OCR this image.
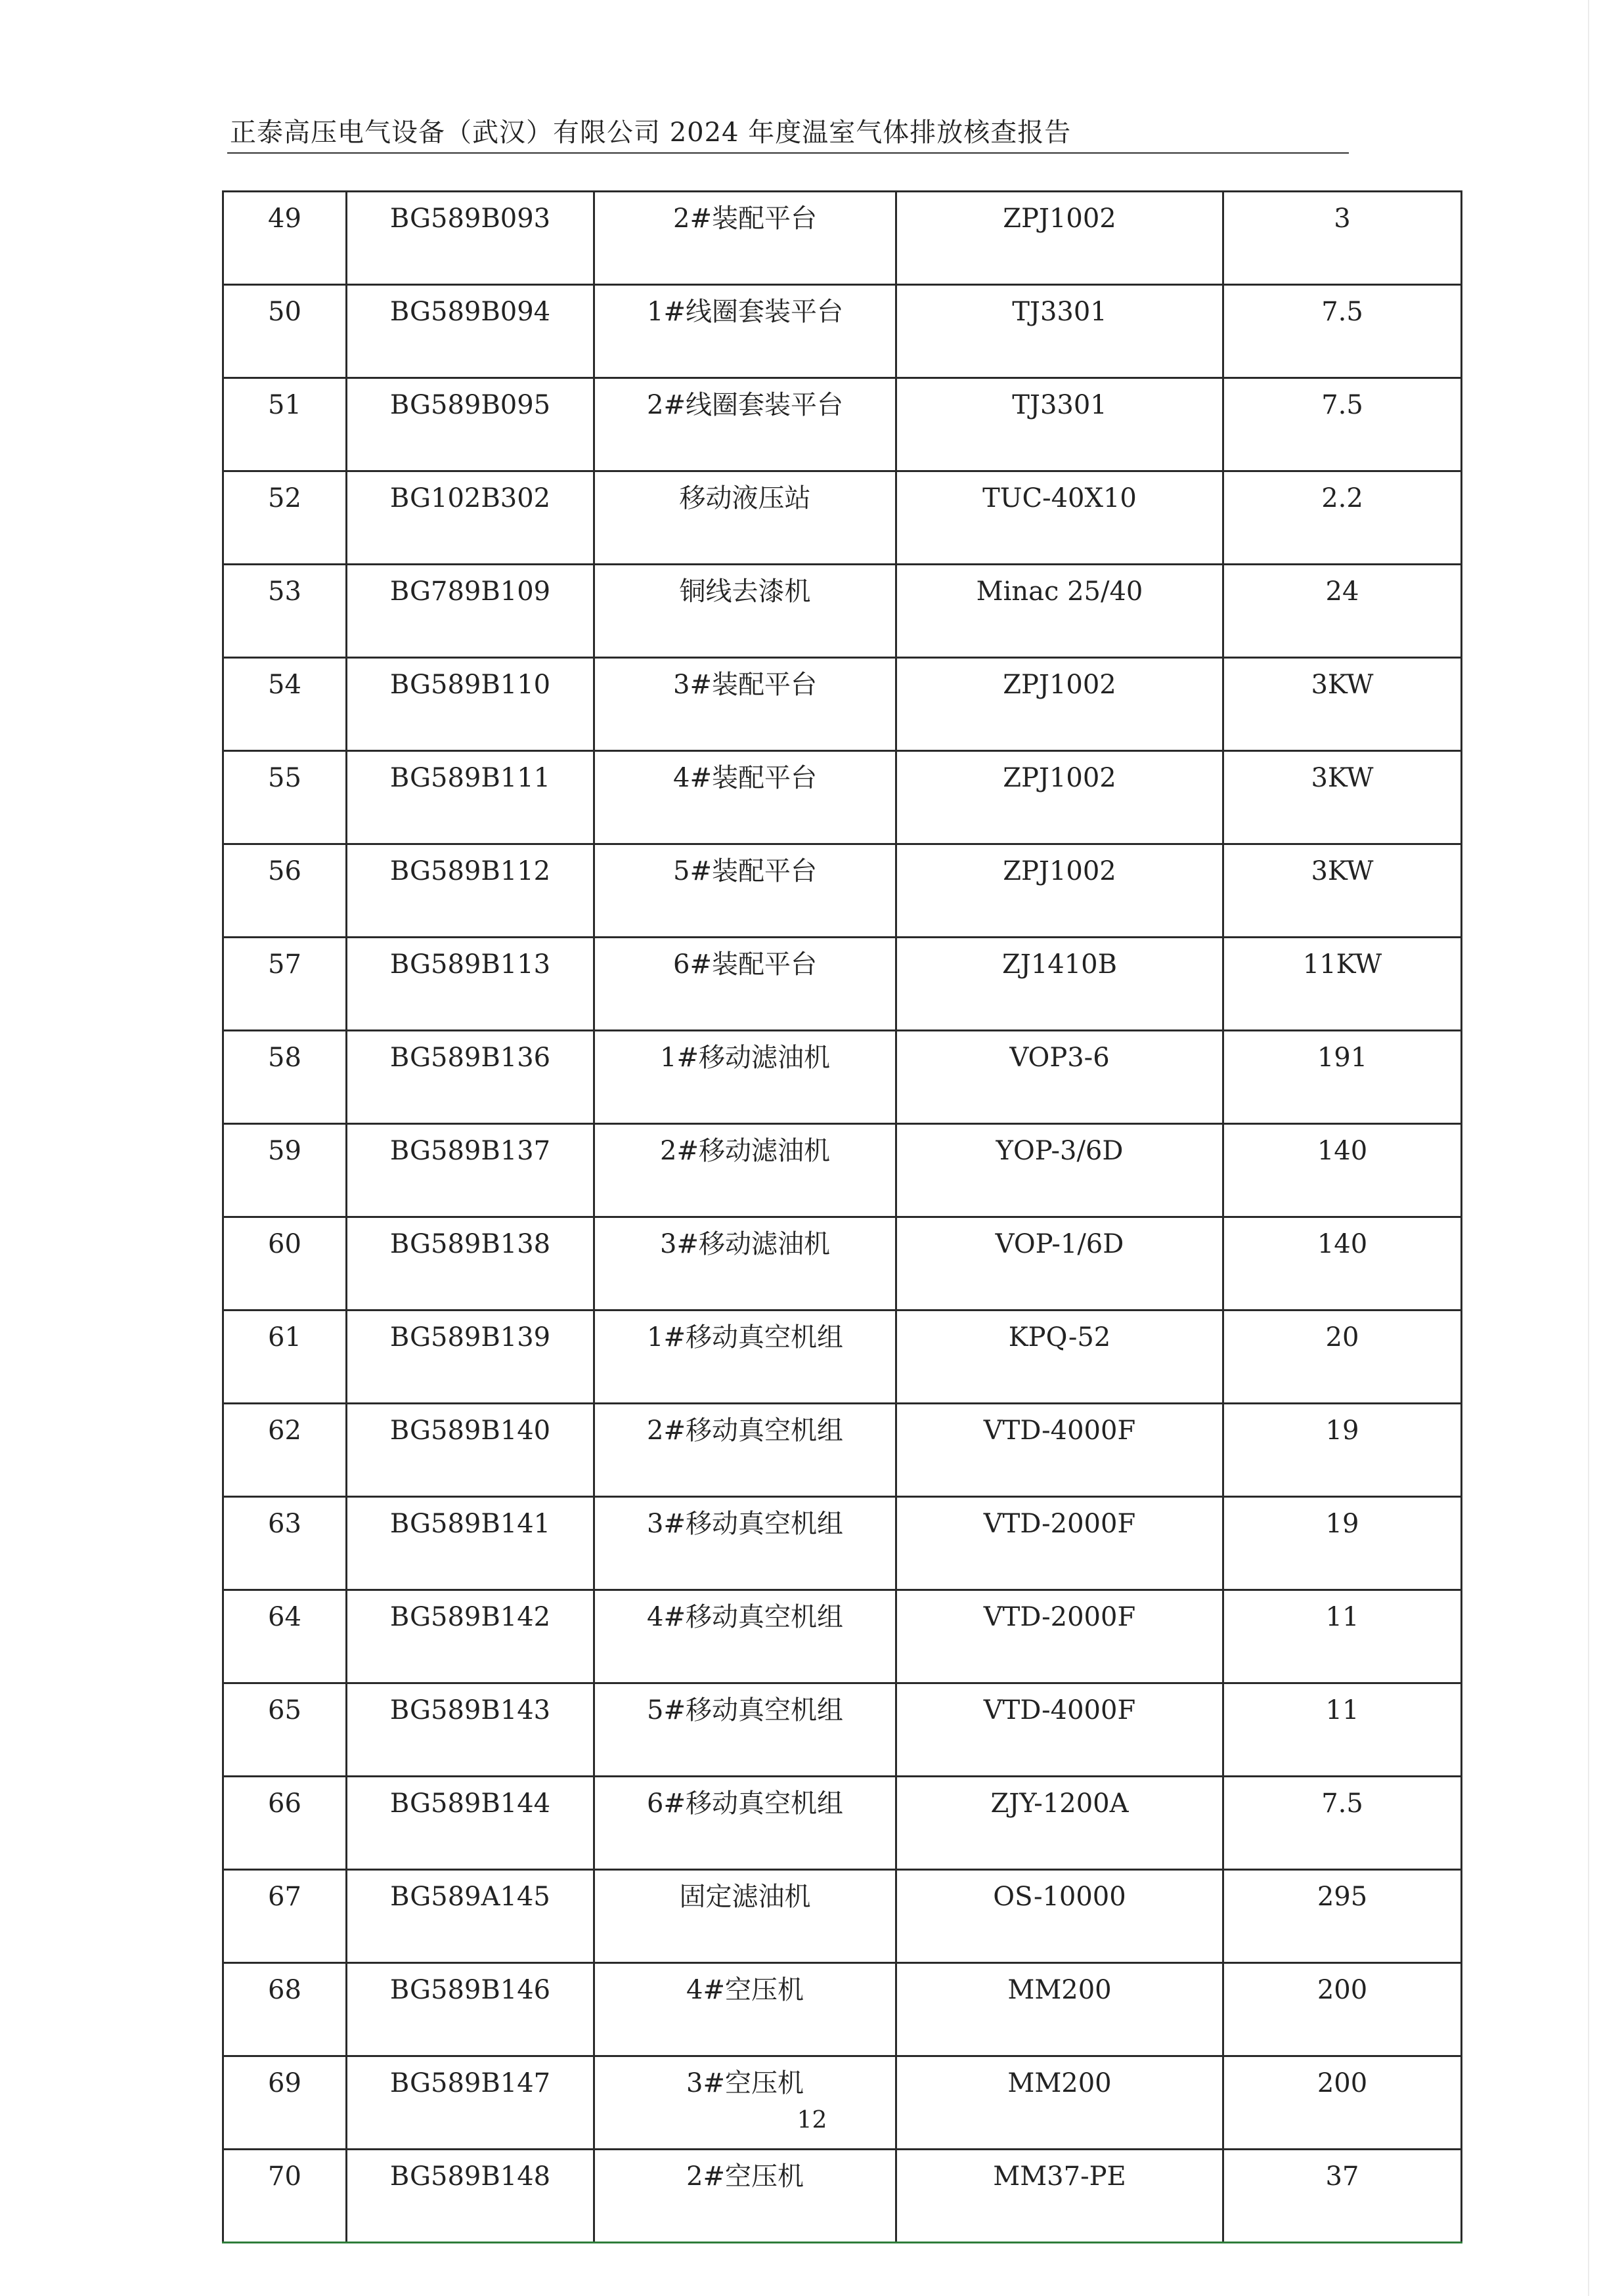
正泰高压电气设备（武汉）有限公司 2024 年度温室气体排放核查报告
49	BG589B093	2#装配平台	ZPJ1002	3
50	BG589B094	1#线圈套装平台	TJ3301	7.5
51	BG589B095	2#线圈套装平台	TJ3301	7.5
52	BG102B302	移动液压站	TUC-40X10	2.2
53	BG789B109	铜线去漆机	Minac 25/40	24
54	BG589B110	3#装配平台	ZPJ1002	3KW
55	BG589B111	4#装配平台	ZPJ1002	3KW
56	BG589B112	5#装配平台	ZPJ1002	3KW
57	BG589B113	6#装配平台	ZJ1410B	11KW
58	BG589B136	1#移动滤油机	VOP3-6	191
59	BG589B137	2#移动滤油机	YOP-3/6D	140
60	BG589B138	3#移动滤油机	VOP-1/6D	140
61	BG589B139	1#移动真空机组	KPQ-52	20
62	BG589B140	2#移动真空机组	VTD-4000F	19
63	BG589B141	3#移动真空机组	VTD-2000F	19
64	BG589B142	4#移动真空机组	VTD-2000F	11
65	BG589B143	5#移动真空机组	VTD-4000F	11
66	BG589B144	6#移动真空机组	ZJY-1200A	7.5
67	BG589A145	固定滤油机	OS-10000	295
68	BG589B146	4#空压机	MM200	200
69	BG589B147	3#空压机	MM200	200
70	BG589B148	2#空压机	MM37-PE	37
12
